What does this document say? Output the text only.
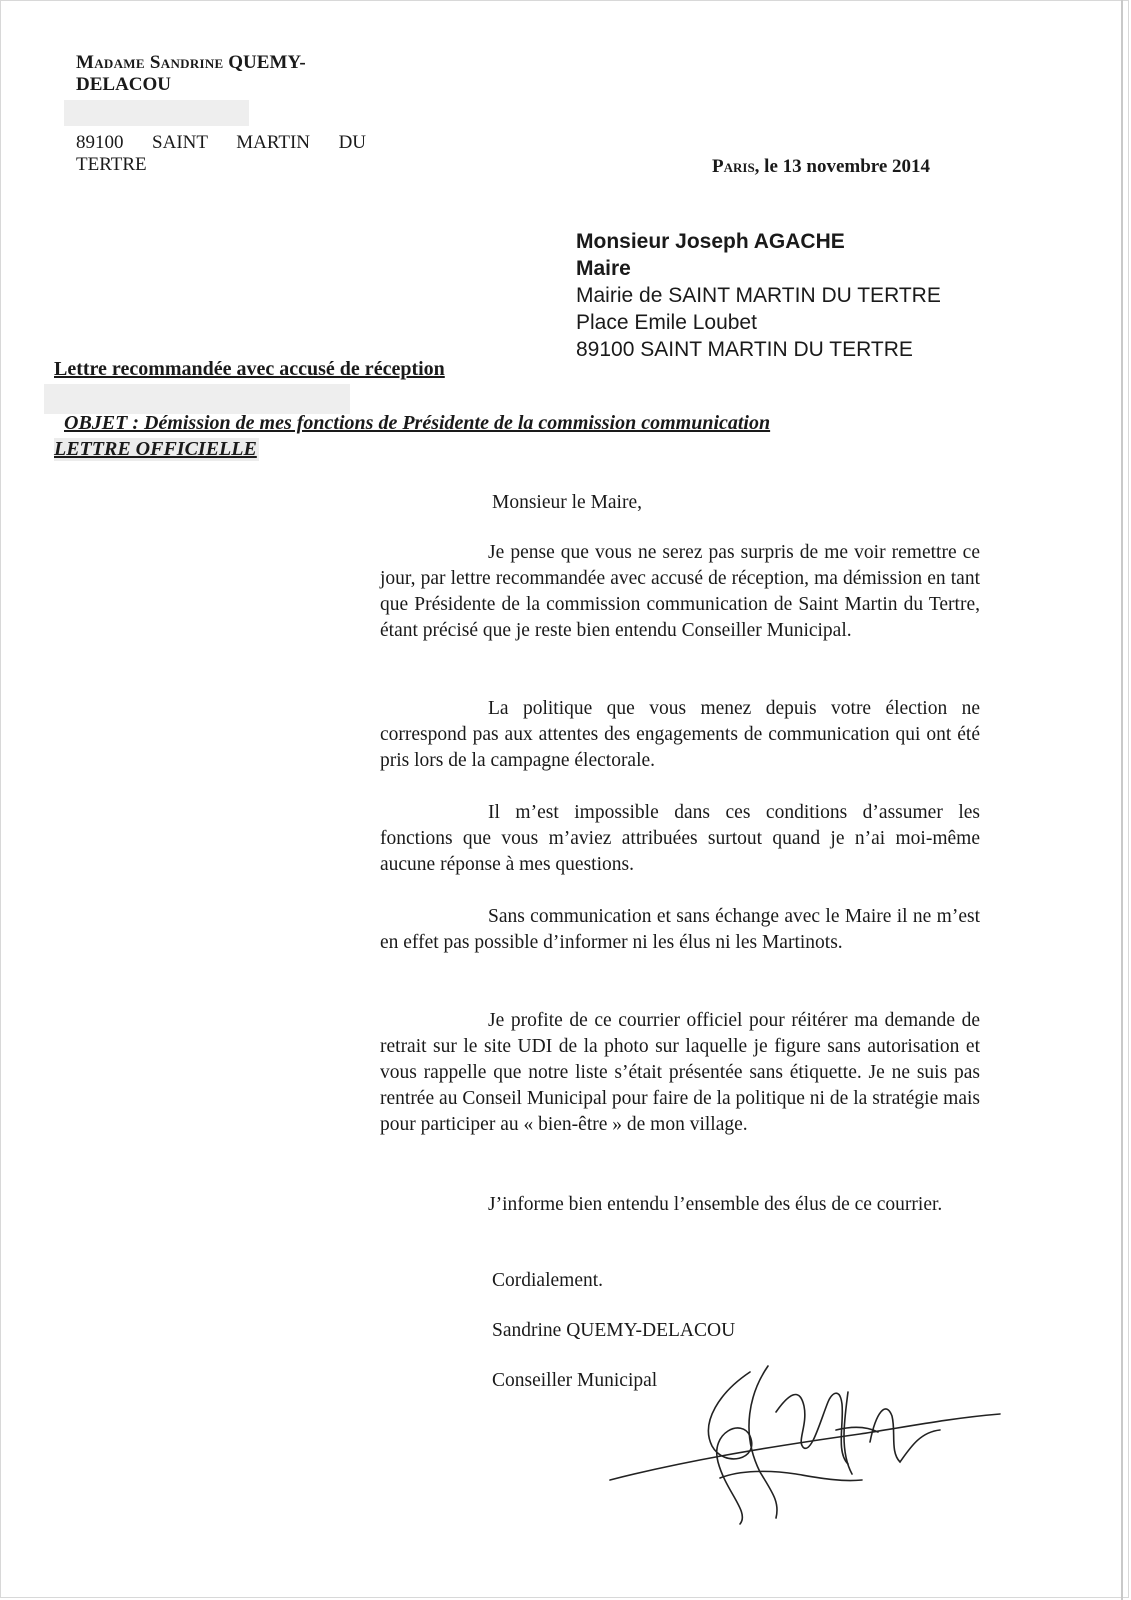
Madame Sandrine QUEMY-DELACOU
89100 SAINT MARTIN DU
TERTRE	Paris, le 13 novembre 2014
Monsieur Joseph AGACHE
Maire
Mairie de SAINT MARTIN DU TERTRE
Place Emile Loubet
89100 SAINT MARTIN DU TERTRE
Lettre recommandée avec accusé de réception
OBJET : Démission de mes fonctions de Présidente de la commission communication
LETTRE OFFICIELLE
Monsieur le Maire,

Je pense que vous ne serez pas surpris de me voir remettre ce jour, par lettre recommandée avec accusé de réception, ma démission en tant que Présidente de la commission communication de Saint Martin du Tertre, étant précisé que je reste bien entendu Conseiller Municipal.

La politique que vous menez depuis votre élection ne correspond pas aux attentes des engagements de communication qui ont été pris lors de la campagne électorale.

Il m’est impossible dans ces conditions d’assumer les fonctions que vous m’aviez attribuées surtout quand je n’ai moi-même aucune réponse à mes questions.

Sans communication et sans échange avec le Maire il ne m’est en effet pas possible d’informer ni les élus ni les Martinots.

Je profite de ce courrier officiel pour réitérer ma demande de retrait sur le site UDI de la photo sur laquelle je figure sans autorisation et vous rappelle que notre liste s’était présentée sans étiquette. Je ne suis pas rentrée au Conseil Municipal pour faire de la politique ni de la stratégie mais pour participer au « bien-être » de mon village.

J’informe bien entendu l’ensemble des élus de ce courrier.

Cordialement.
Sandrine QUEMY-DELACOU
Conseiller Municipal
